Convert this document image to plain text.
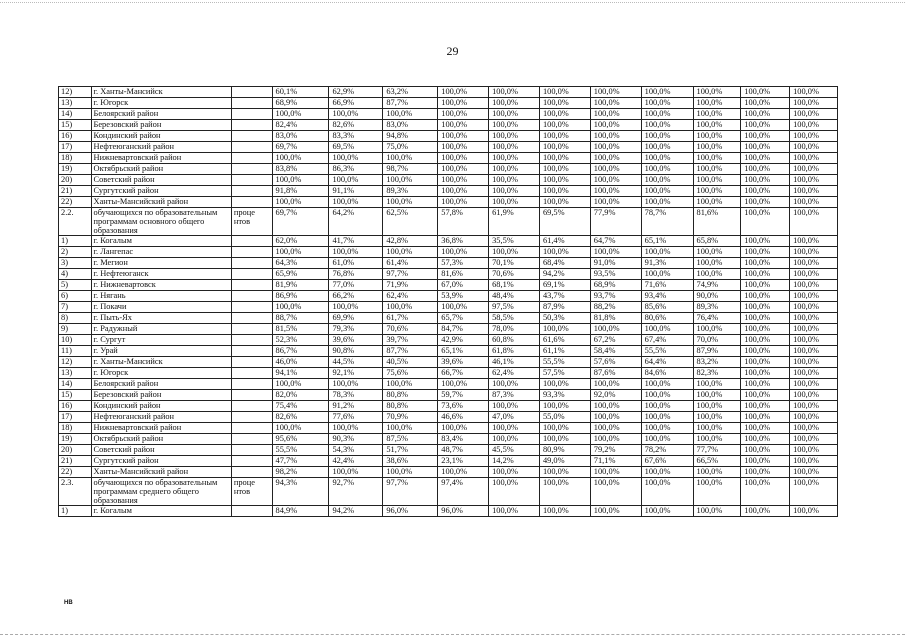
29
12)	г. Ханты-Мансийск		60,1%	62,9%	63,2%	100,0%	100,0%	100,0%	100,0%	100,0%	100,0%	100,0%	100,0%
13)	г. Югорск		68,9%	66,9%	87,7%	100,0%	100,0%	100,0%	100,0%	100,0%	100,0%	100,0%	100,0%
14)	Белоярский район		100,0%	100,0%	100,0%	100,0%	100,0%	100,0%	100,0%	100,0%	100,0%	100,0%	100,0%
15)	Березовский район		82,4%	82,6%	83,0%	100,0%	100,0%	100,0%	100,0%	100,0%	100,0%	100,0%	100,0%
16)	Кондинский район		83,0%	83,3%	94,8%	100,0%	100,0%	100,0%	100,0%	100,0%	100,0%	100,0%	100,0%
17)	Нефтеюганский район		69,7%	69,5%	75,0%	100,0%	100,0%	100,0%	100,0%	100,0%	100,0%	100,0%	100,0%
18)	Нижневартовский район		100,0%	100,0%	100,0%	100,0%	100,0%	100,0%	100,0%	100,0%	100,0%	100,0%	100,0%
19)	Октябрьский район		83,8%	86,3%	98,7%	100,0%	100,0%	100,0%	100,0%	100,0%	100,0%	100,0%	100,0%
20)	Советский район		100,0%	100,0%	100,0%	100,0%	100,0%	100,0%	100,0%	100,0%	100,0%	100,0%	100,0%
21)	Сургутский район		91,8%	91,1%	89,3%	100,0%	100,0%	100,0%	100,0%	100,0%	100,0%	100,0%	100,0%
22)	Ханты-Мансийский район		100,0%	100,0%	100,0%	100,0%	100,0%	100,0%	100,0%	100,0%	100,0%	100,0%	100,0%
2.2.	обучающихся по образовательным программам основного общего образования	проце нтов	69,7%	64,2%	62,5%	57,8%	61,9%	69,5%	77,9%	78,7%	81,6%	100,0%	100,0%
1)	г. Когалым		62,0%	41,7%	42,8%	36,8%	35,5%	61,4%	64,7%	65,1%	65,8%	100,0%	100,0%
2)	г. Лангепас		100,0%	100,0%	100,0%	100,0%	100,0%	100,0%	100,0%	100,0%	100,0%	100,0%	100,0%
3)	г. Мегион		64,3%	61,0%	61,4%	57,3%	70,1%	68,4%	91,0%	91,3%	100,0%	100,0%	100,0%
4)	г. Нефтеюганск		65,9%	76,8%	97,7%	81,6%	70,6%	94,2%	93,5%	100,0%	100,0%	100,0%	100,0%
5)	г. Нижневартовск		81,9%	77,0%	71,9%	67,0%	68,1%	69,1%	68,9%	71,6%	74,9%	100,0%	100,0%
6)	г. Нягань		86,9%	66,2%	62,4%	53,9%	48,4%	43,7%	93,7%	93,4%	90,0%	100,0%	100,0%
7)	г. Покачи		100,0%	100,0%	100,0%	100,0%	97,5%	87,9%	88,2%	85,6%	89,3%	100,0%	100,0%
8)	г. Пыть-Ях		88,7%	69,9%	61,7%	65,7%	58,5%	50,3%	81,8%	80,6%	76,4%	100,0%	100,0%
9)	г. Радужный		81,5%	79,3%	70,6%	84,7%	78,0%	100,0%	100,0%	100,0%	100,0%	100,0%	100,0%
10)	г. Сургут		52,3%	39,6%	39,7%	42,9%	60,8%	61,6%	67,2%	67,4%	70,0%	100,0%	100,0%
11)	г. Урай		86,7%	90,8%	87,7%	65,1%	61,8%	61,1%	58,4%	55,5%	87,9%	100,0%	100,0%
12)	г. Ханты-Мансийск		46,0%	44,5%	40,5%	39,6%	46,1%	55,5%	57,6%	64,4%	83,2%	100,0%	100,0%
13)	г. Югорск		94,1%	92,1%	75,6%	66,7%	62,4%	57,5%	87,6%	84,6%	82,3%	100,0%	100,0%
14)	Белоярский район		100,0%	100,0%	100,0%	100,0%	100,0%	100,0%	100,0%	100,0%	100,0%	100,0%	100,0%
15)	Березовский район		82,0%	78,3%	80,8%	59,7%	87,3%	93,3%	92,0%	100,0%	100,0%	100,0%	100,0%
16)	Кондинский район		75,4%	91,2%	80,8%	73,6%	100,0%	100,0%	100,0%	100,0%	100,0%	100,0%	100,0%
17)	Нефтеюганский район		82,6%	77,6%	70,9%	46,6%	47,0%	55,0%	100,0%	100,0%	100,0%	100,0%	100,0%
18)	Нижневартовский район		100,0%	100,0%	100,0%	100,0%	100,0%	100,0%	100,0%	100,0%	100,0%	100,0%	100,0%
19)	Октябрьский район		95,6%	90,3%	87,5%	83,4%	100,0%	100,0%	100,0%	100,0%	100,0%	100,0%	100,0%
20)	Советский район		55,5%	54,3%	51,7%	48,7%	45,5%	80,9%	79,2%	78,2%	77,7%	100,0%	100,0%
21)	Сургутский район		47,7%	42,4%	38,6%	23,1%	14,2%	49,0%	71,1%	67,6%	66,5%	100,0%	100,0%
22)	Ханты-Мансийский район		98,2%	100,0%	100,0%	100,0%	100,0%	100,0%	100,0%	100,0%	100,0%	100,0%	100,0%
2.3.	обучающихся по образовательным программам среднего общего образования	проце нтов	94,3%	92,7%	97,7%	97,4%	100,0%	100,0%	100,0%	100,0%	100,0%	100,0%	100,0%
1)	г. Когалым		84,9%	94,2%	96,0%	96,0%	100,0%	100,0%	100,0%	100,0%	100,0%	100,0%	100,0%
HB
